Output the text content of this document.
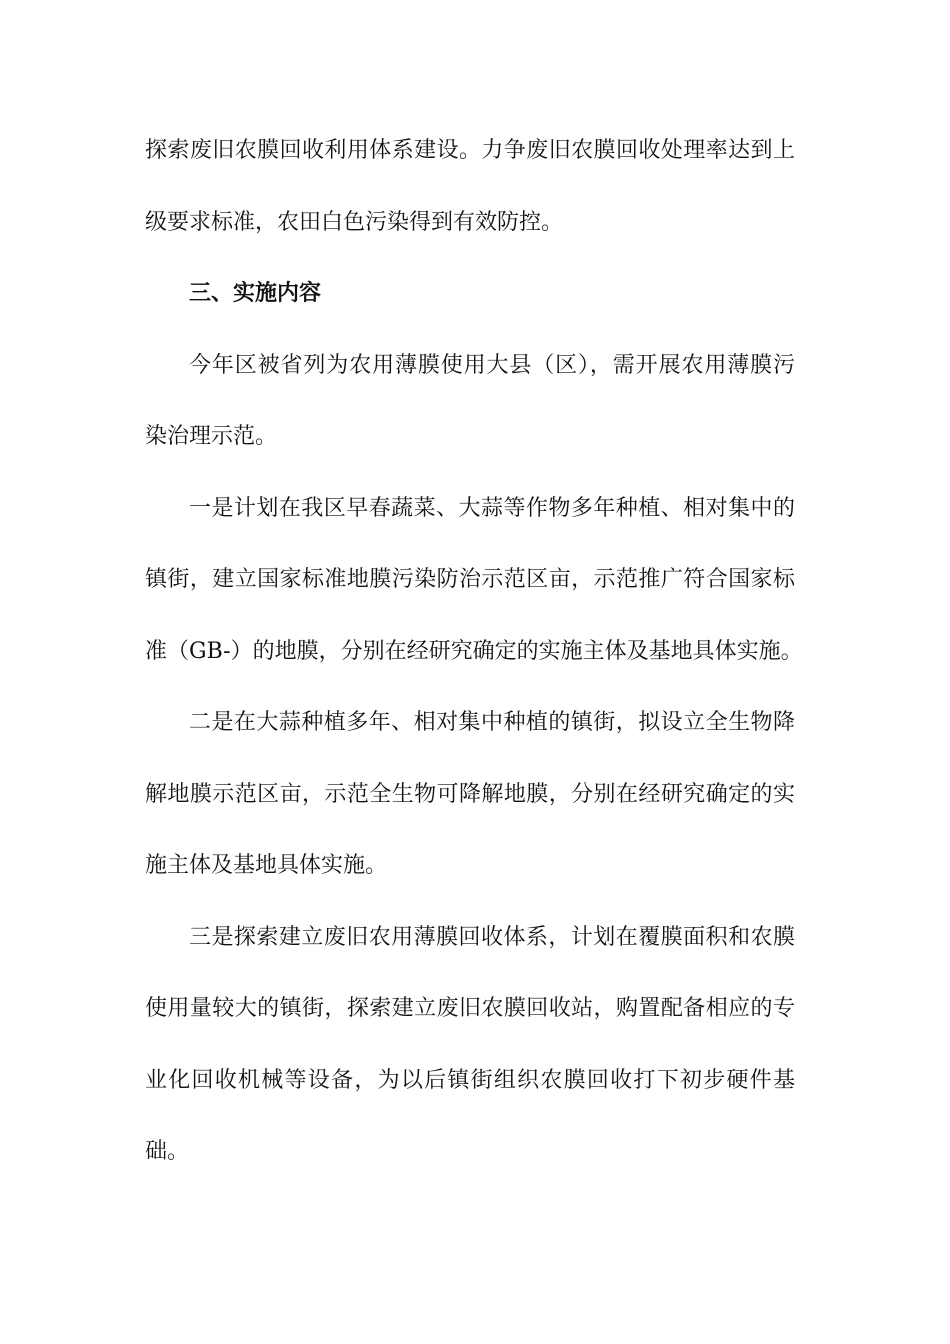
探索废旧农膜回收利用体系建设。力争废旧农膜回收处理率达到上
级要求标准，农田白色污染得到有效防控。
三、实施内容
今年区被省列为农用薄膜使用大县（区），需开展农用薄膜污
染治理示范。
一是计划在我区早春蔬菜、大蒜等作物多年种植、相对集中的
镇街，建立国家标准地膜污染防治示范区亩，示范推广符合国家标
准（GB-）的地膜，分别在经研究确定的实施主体及基地具体实施。
二是在大蒜种植多年、相对集中种植的镇街，拟设立全生物降
解地膜示范区亩，示范全生物可降解地膜，分别在经研究确定的实
施主体及基地具体实施。
三是探索建立废旧农用薄膜回收体系，计划在覆膜面积和农膜
使用量较大的镇街，探索建立废旧农膜回收站，购置配备相应的专
业化回收机械等设备，为以后镇街组织农膜回收打下初步硬件基
础。
